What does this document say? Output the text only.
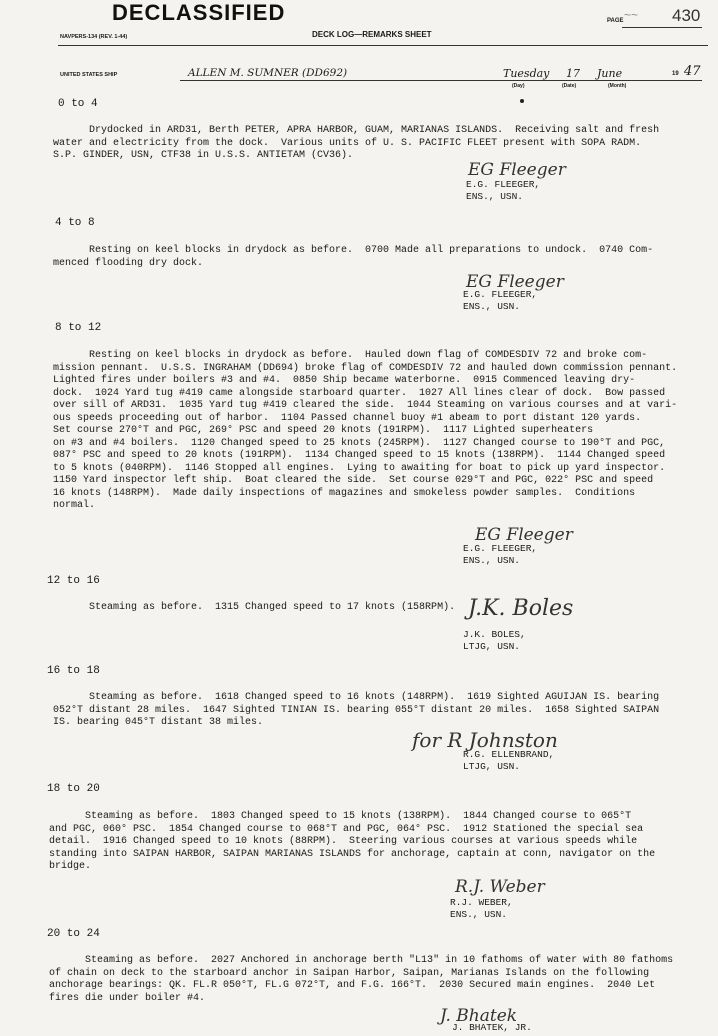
DECLASSIFIED
NAVPERS-134 (REV. 1-44)	DECK LOG—REMARKS SHEET
~~
PAGE	430
UNITED STATES SHIP	ALLEN M. SUMNER (DD692)	Tuesday 17 June
(Day)	(Date)	(Month)
19 47
0 to 4
Drydocked in ARD31, Berth PETER, APRA HARBOR, GUAM, MARIANAS ISLANDS.  Receiving salt and fresh
water and electricity from the dock.  Various units of U. S. PACIFIC FLEET present with SOPA RADM.
S.P. GINDER, USN, CTF38 in U.S.S. ANTIETAM (CV36).
EG Fleeger
E.G. FLEEGER,
ENS., USN.
4 to 8
Resting on keel blocks in drydock as before.  0700 Made all preparations to undock.  0740 Com-
menced flooding dry dock.
EG Fleeger
E.G. FLEEGER,
ENS., USN.
8 to 12
Resting on keel blocks in drydock as before.  Hauled down flag of COMDESDIV 72 and broke com-
mission pennant.  U.S.S. INGRAHAM (DD694) broke flag of COMDESDIV 72 and hauled down commission pennant.
Lighted fires under boilers #3 and #4.  0850 Ship became waterborne.  0915 Commenced leaving dry-
dock.  1024 Yard tug #419 came alongside starboard quarter.  1027 All lines clear of dock.  Bow passed
over sill of ARD31.  1035 Yard tug #419 cleared the side.  1044 Steaming on various courses and at vari-
ous speeds proceeding out of harbor.  1104 Passed channel buoy #1 abeam to port distant 120 yards.
Set course 270°T and PGC, 269° PSC and speed 20 knots (191RPM).  1117 Lighted superheaters
on #3 and #4 boilers.  1120 Changed speed to 25 knots (245RPM).  1127 Changed course to 190°T and PGC,
087° PSC and speed to 20 knots (191RPM).  1134 Changed speed to 15 knots (138RPM).  1144 Changed speed
to 5 knots (040RPM).  1146 Stopped all engines.  Lying to awaiting for boat to pick up yard inspector.
1150 Yard inspector left ship.  Boat cleared the side.  Set course 029°T and PGC, 022° PSC and speed
16 knots (148RPM).  Made daily inspections of magazines and smokeless powder samples.  Conditions
normal.
EG Fleeger
E.G. FLEEGER,
ENS., USN.
12 to 16
Steaming as before.  1315 Changed speed to 17 knots (158RPM). J.K. Boles
J.K. BOLES,
LTJG, USN.
16 to 18
Steaming as before.  1618 Changed speed to 16 knots (148RPM).  1619 Sighted AGUIJAN IS. bearing
052°T distant 28 miles.  1647 Sighted TINIAN IS. bearing 055°T distant 20 miles.  1658 Sighted SAIPAN
IS. bearing 045°T distant 38 miles.
for R Johnston
R.G. ELLENBRAND,
LTJG, USN.
18 to 20
Steaming as before.  1803 Changed speed to 15 knots (138RPM).  1844 Changed course to 065°T
and PGC, 060° PSC.  1854 Changed course to 068°T and PGC, 064° PSC.  1912 Stationed the special sea
detail.  1916 Changed speed to 10 knots (88RPM).  Steering various courses at various speeds while
standing into SAIPAN HARBOR, SAIPAN MARIANAS ISLANDS for anchorage, captain at conn, navigator on the
bridge.
R.J. Weber
R.J. WEBER,
ENS., USN.
20 to 24
Steaming as before.  2027 Anchored in anchorage berth "L13" in 10 fathoms of water with 80 fathoms
of chain on deck to the starboard anchor in Saipan Harbor, Saipan, Marianas Islands on the following
anchorage bearings: QK. FL.R 050°T, FL.G 072°T, and F.G. 166°T.  2030 Secured main engines.  2040 Let
fires die under boiler #4.
J. Bhatek
J. BHATEK, JR.
